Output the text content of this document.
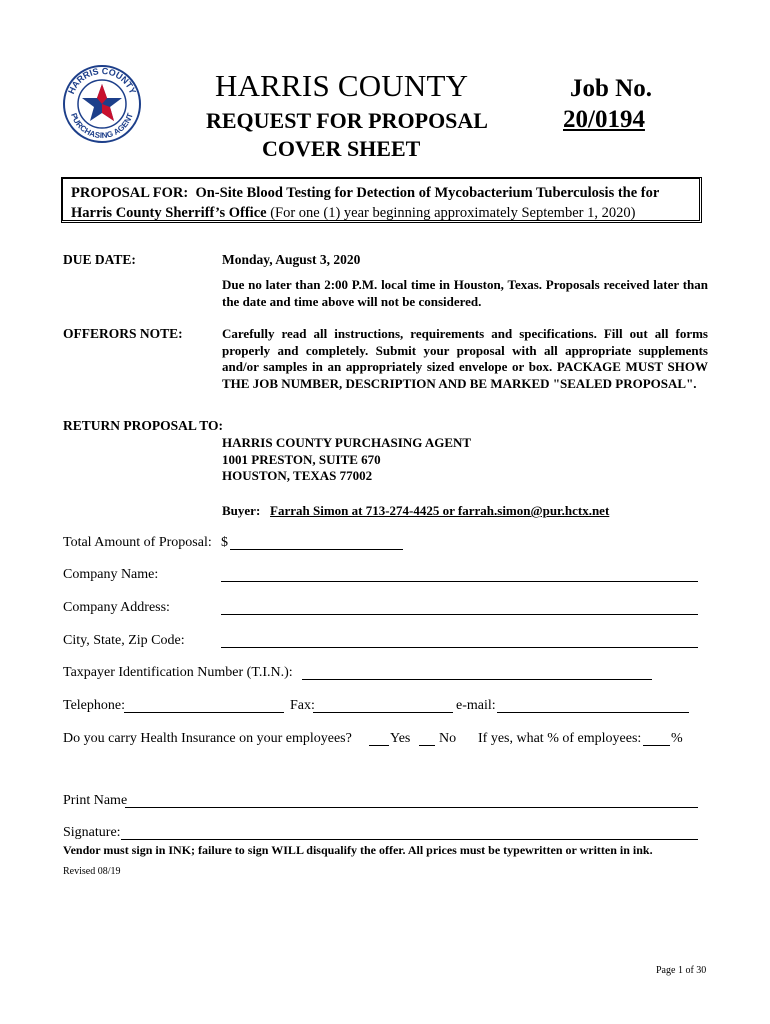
HARRIS COUNTY
PURCHASING AGENT
HARRIS COUNTY
REQUEST FOR PROPOSAL
COVER SHEET
Job No.
20/0194
PROPOSAL FOR: On-Site Blood Testing for Detection of Mycobacterium Tuberculosis the for
Harris County Sherriff’s Office (For one (1) year beginning approximately September 1, 2020)
DUE DATE:	Monday, August 3, 2020
Due no later than 2:00 P.M. local time in Houston, Texas. Proposals received later than the date and time above will not be considered.
OFFERORS NOTE:	Carefully read all instructions, requirements and specifications. Fill out all forms properly and completely. Submit your proposal with all appropriate supplements and/or samples in an appropriately sized envelope or box. PACKAGE MUST SHOW THE JOB NUMBER, DESCRIPTION AND BE MARKED "SEALED PROPOSAL".
RETURN PROPOSAL TO:
HARRIS COUNTY PURCHASING AGENT
1001 PRESTON, SUITE 670
HOUSTON, TEXAS 77002
Buyer: Farrah Simon at 713-274-4425 or farrah.simon@pur.hctx.net
Total Amount of Proposal: $
Company Name:
Company Address:
City, State, Zip Code:
Taxpayer Identification Number (T.I.N.):
Telephone:	Fax:	e-mail:
Do you carry Health Insurance on your employees?	Yes No If yes, what % of employees: %
Print Name
Signature:
Vendor must sign in INK; failure to sign WILL disqualify the offer. All prices must be typewritten or written in ink.
Revised 08/19
Page 1 of 30
